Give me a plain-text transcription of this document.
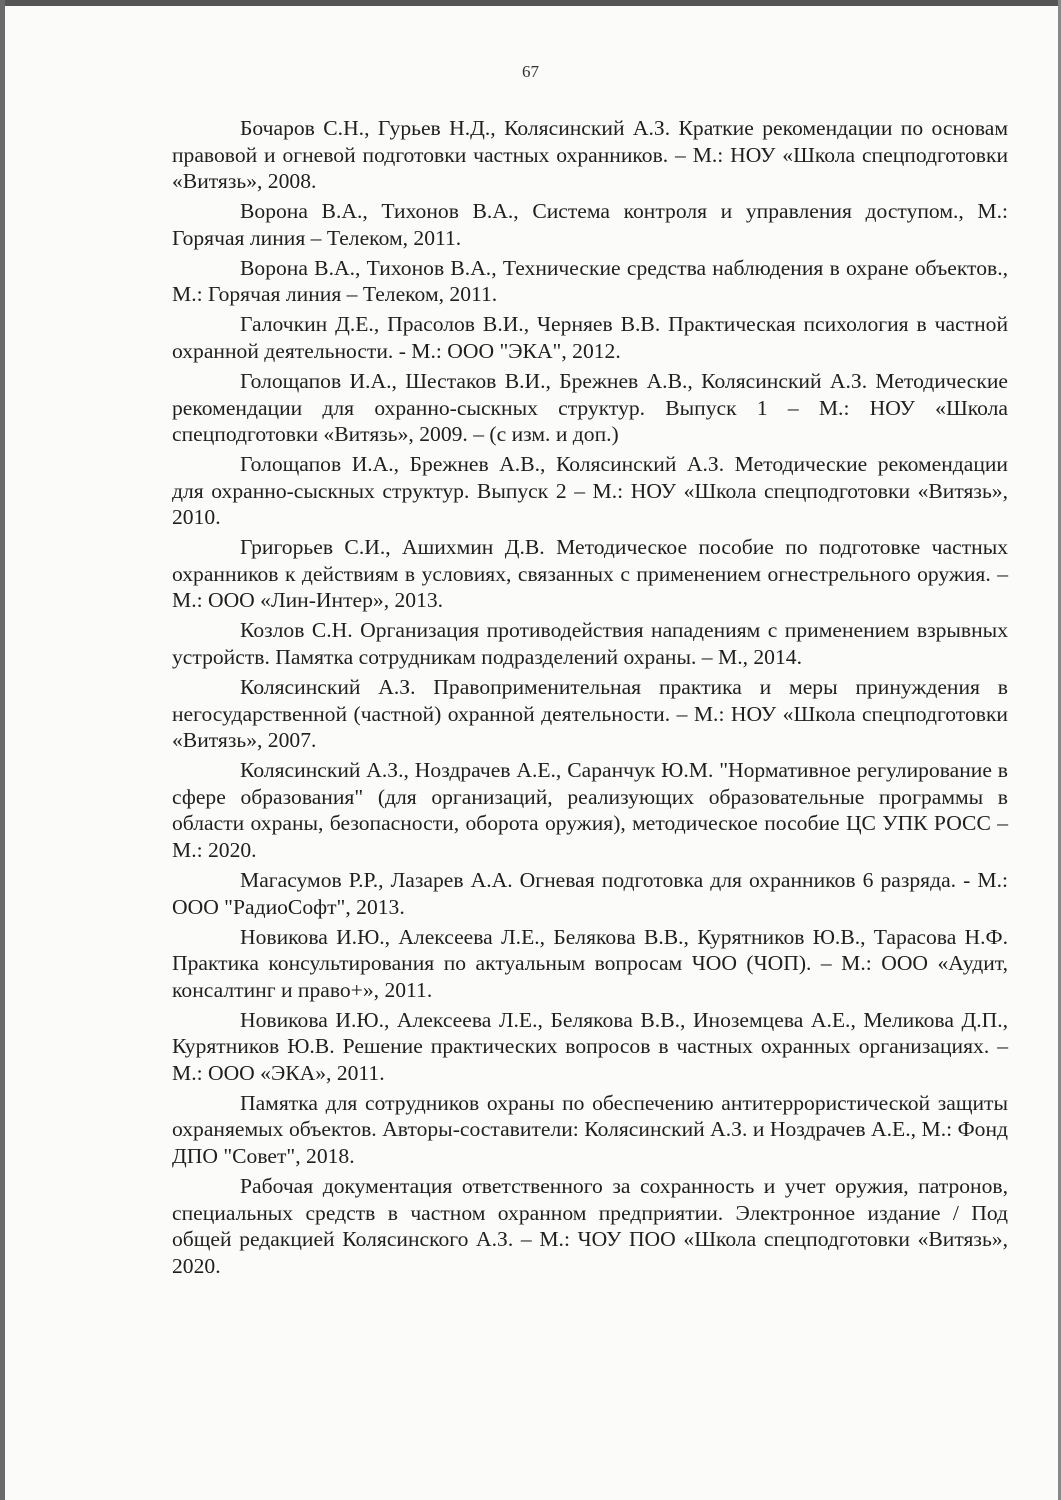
67

Бочаров С.Н., Гурьев Н.Д., Колясинский А.З. Краткие рекомендации по основам правовой и огневой подготовки частных охранников. – М.: НОУ «Школа спецподготовки «Витязь», 2008.

Ворона В.А., Тихонов В.А., Система контроля и управления доступом., М.: Горячая линия – Телеком, 2011.

Ворона В.А., Тихонов В.А., Технические средства наблюдения в охране объектов., М.: Горячая линия – Телеком, 2011.

Галочкин Д.Е., Прасолов В.И., Черняев В.В. Практическая психология в частной охранной деятельности. - М.: ООО "ЭКА", 2012.

Голощапов И.А., Шестаков В.И., Брежнев А.В., Колясинский А.З. Методические рекомендации для охранно-сыскных структур. Выпуск 1 – М.: НОУ «Школа спецподготовки «Витязь», 2009. – (с изм. и доп.)

Голощапов И.А., Брежнев А.В., Колясинский А.З. Методические рекомендации для охранно-сыскных структур. Выпуск 2 – М.: НОУ «Школа спецподготовки «Витязь», 2010.

Григорьев С.И., Ашихмин Д.В. Методическое пособие по подготовке частных охранников к действиям в условиях, связанных с применением огнестрельного оружия. – М.: ООО «Лин-Интер», 2013.

Козлов С.Н. Организация противодействия нападениям с применением взрывных устройств. Памятка сотрудникам подразделений охраны. – М., 2014.

Колясинский А.З. Правоприменительная практика и меры принуждения в негосударственной (частной) охранной деятельности. – М.: НОУ «Школа спецподготовки «Витязь», 2007.

Колясинский А.З., Ноздрачев А.Е., Саранчук Ю.М. "Нормативное регулирование в сфере образования" (для организаций, реализующих образовательные программы в области охраны, безопасности, оборота оружия), методическое пособие ЦС УПК РОСС – М.: 2020.

Магасумов Р.Р., Лазарев А.А. Огневая подготовка для охранников 6 разряда. - М.: ООО "РадиоСофт", 2013.

Новикова И.Ю., Алексеева Л.Е., Белякова В.В., Курятников Ю.В., Тарасова Н.Ф. Практика консультирования по актуальным вопросам ЧОО (ЧОП). – М.: ООО «Аудит, консалтинг и право+», 2011.

Новикова И.Ю., Алексеева Л.Е., Белякова В.В., Иноземцева А.Е., Меликова Д.П., Курятников Ю.В. Решение практических вопросов в частных охранных организациях. – М.: ООО «ЭКА», 2011.

Памятка для сотрудников охраны по обеспечению антитеррористической защиты охраняемых объектов. Авторы-составители: Колясинский А.З. и Ноздрачев А.Е., М.: Фонд ДПО "Совет", 2018.

Рабочая документация ответственного за сохранность и учет оружия, патронов, специальных средств в частном охранном предприятии. Электронное издание / Под общей редакцией Колясинского А.З. – М.: ЧОУ ПОО «Школа спецподготовки «Витязь», 2020.
